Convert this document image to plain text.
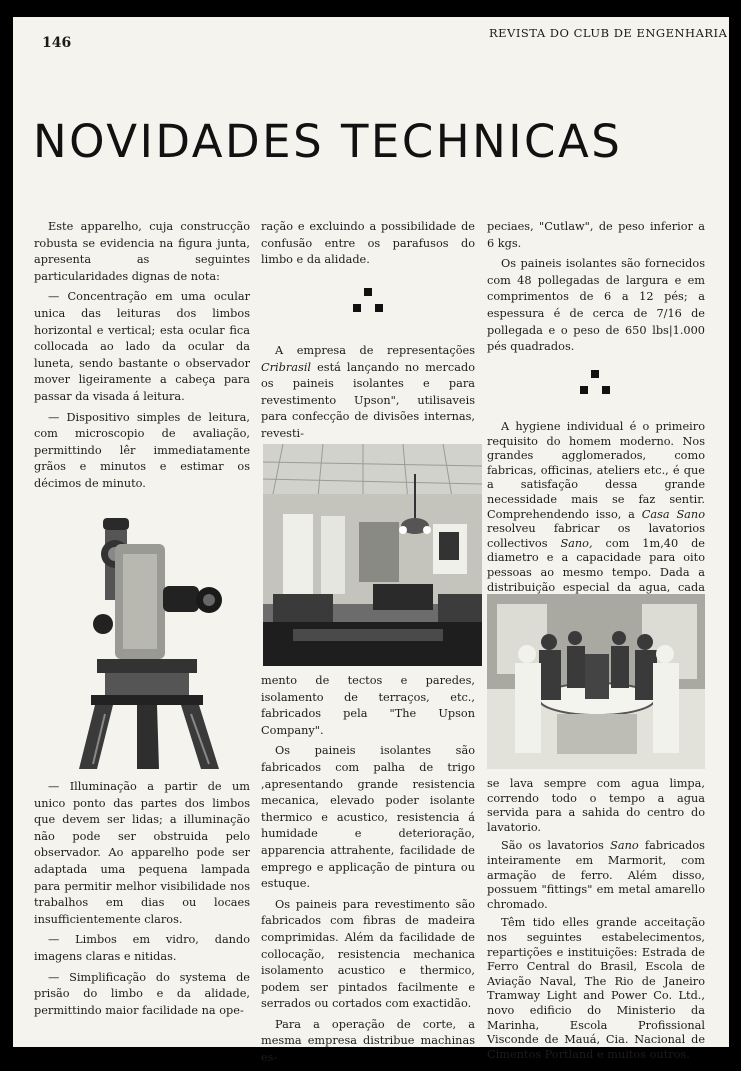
146
REVISTA DO CLUB DE ENGENHARIA
NOVIDADES TECHNICAS

Este apparelho, cuja construcção robusta se evidencia na figura junta, apresenta as seguintes particularidades dignas de nota:

— Concentração em uma ocular unica das leituras dos limbos horizontal e vertical; esta ocular fica collocada ao lado da ocular da luneta, sendo bastante o observador mover ligeiramente a cabeça para passar da visada á leitura.

— Dispositivo simples de leitura, com microscopio de avaliação, permittindo lêr immediatamente grãos e minutos e estimar os décimos de minuto.

— Illuminação a partir de um unico ponto das partes dos limbos que devem ser lidas; a illuminação não pode ser obstruida pelo observador. Ao apparelho pode ser adaptada uma pequena lampada para permitir melhor visibilidade nos trabalhos em dias ou locaes insufficientemente claros.

— Limbos em vidro, dando imagens claras e nitidas.

— Simplificação do systema de prisão do limbo e da alidade, permittindo maior facilidade na ope-

ração e excluindo a possibilidade de confusão entre os parafusos do limbo e da alidade.

A empresa de representações Cribrasil está lançando no mercado os paineis isolantes e para revestimento Upson", utilisaveis para confecção de divisões internas, revesti-

mento de tectos e paredes, isolamento de terraços, etc., fabricados pela "The Upson Company".

Os paineis isolantes são fabricados com palha de trigo ,apresentando grande resistencia mecanica, elevado poder isolante thermico e acustico, resistencia á humidade e deterioração, apparencia attrahente, facilidade de emprego e applicação de pintura ou estuque.

Os paineis para revestimento são fabricados com fibras de madeira comprimidas. Além da facilidade de collocação, resistencia mechanica isolamento acustico e thermico, podem ser pintados facilmente e serrados ou cortados com exactidão.

Para a operação de corte, a mesma empresa distribue machinas es-

peciaes, "Cutlaw", de peso inferior a 6 kgs.

Os paineis isolantes são fornecidos com 48 pollegadas de largura e em comprimentos de 6 a 12 pés; a espessura é de cerca de 7/16 de pollegada e o peso de 650 lbs|1.000 pés quadrados.

A hygiene individual é o primeiro requisito do homem moderno. Nos grandes agglomerados, como fabricas, officinas, ateliers etc., é que a satisfação dessa grande necessidade mais se faz sentir. Comprehendendo isso, a Casa Sano resolveu fabricar os lavatorios collectivos Sano, com 1m,40 de diametro e a capacidade para oito pessoas ao mesmo tempo. Dada a distribuição especial da agua, cada

se lava sempre com agua limpa, correndo todo o tempo a agua servida para a sahida do centro do lavatorio.

São os lavatorios Sano fabricados inteiramente em Marmorit, com armação de ferro. Além disso, possuem "fittings" em metal amarello chromado.

Têm tido elles grande acceitação nos seguintes estabelecimentos, repartições e instituições: Estrada de Ferro Central do Brasil, Escola de Aviação Naval, The Rio de Janeiro Tramway Light and Power Co. Ltd., novo edificio do Ministerio da Marinha, Escola Profissional Visconde de Mauá, Cia. Nacional de Cimentos Portland e muitos outros.
